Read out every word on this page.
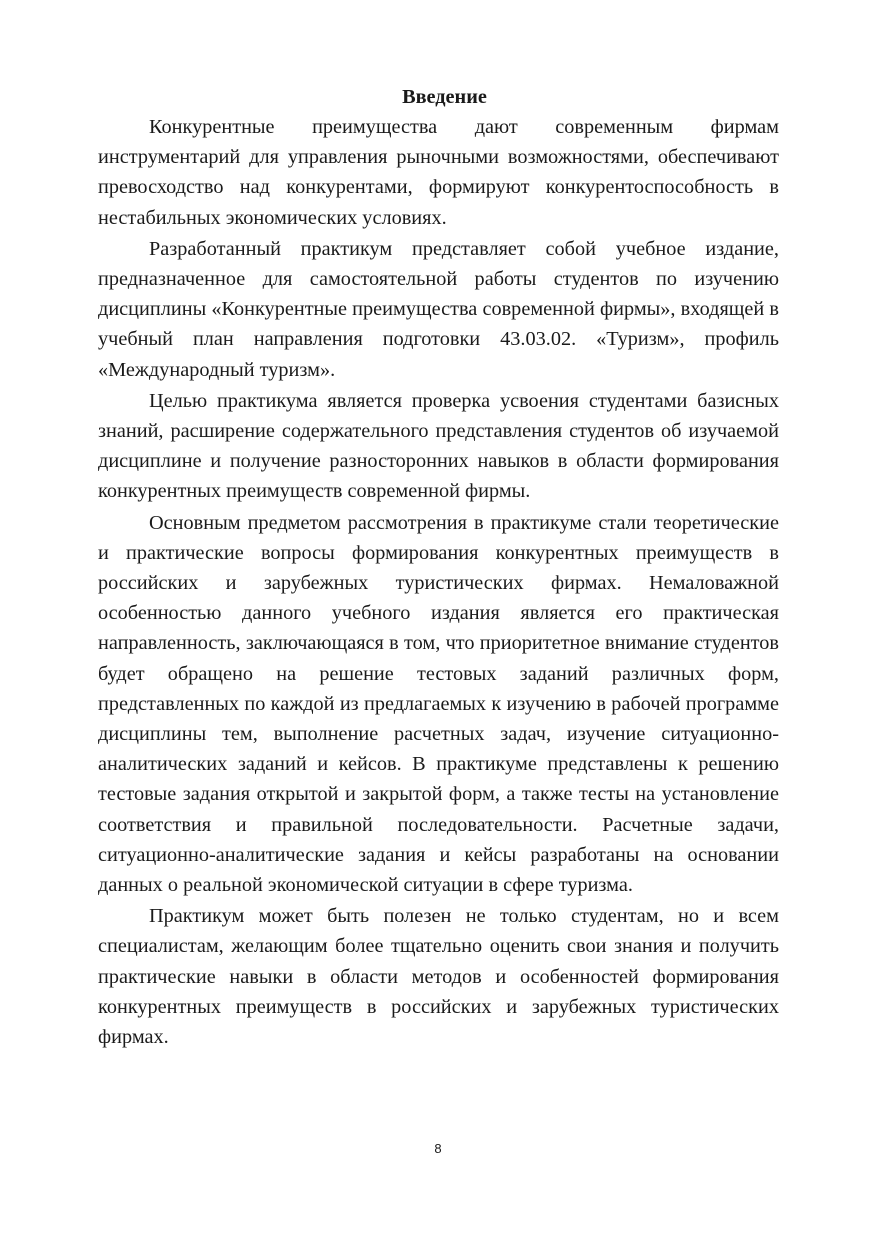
Введение

Конкурентные преимущества дают современным фирмам инструментарий для управления рыночными возможностями, обеспечивают превосходство над конкурентами, формируют конкурентоспособность в нестабильных экономических условиях.

Разработанный практикум представляет собой учебное издание, предназначенное для самостоятельной работы студентов по изучению дисциплины «Конкурентные преимущества современной фирмы», входящей в учебный план направления подготовки 43.03.02. «Туризм», профиль «Международный туризм».

Целью практикума является проверка усвоения студентами базисных знаний, расширение содержательного представления студентов об изучаемой дисциплине и получение разносторонних навыков в области формирования конкурентных преимуществ современной фирмы.

Основным предметом рассмотрения в практикуме стали теоретические и практические вопросы формирования конкурентных преимуществ в российских и зарубежных туристических фирмах. Немаловажной особенностью данного учебного издания является его практическая направленность, заключающаяся в том, что приоритетное внимание студентов будет обращено на решение тестовых заданий различных форм, представленных по каждой из предлагаемых к изучению в рабочей программе дисциплины тем, выполнение расчетных задач, изучение ситуационно-аналитических заданий и кейсов. В практикуме представлены к решению тестовые задания открытой и закрытой форм, а также тесты на установление соответствия и правильной последовательности. Расчетные задачи, ситуационно-аналитические задания и кейсы разработаны на основании данных о реальной экономической ситуации в сфере туризма.

Практикум может быть полезен не только студентам, но и всем специалистам, желающим более тщательно оценить свои знания и получить практические навыки в области методов и особенностей формирования конкурентных преимуществ в российских и зарубежных туристических фирмах.

8
